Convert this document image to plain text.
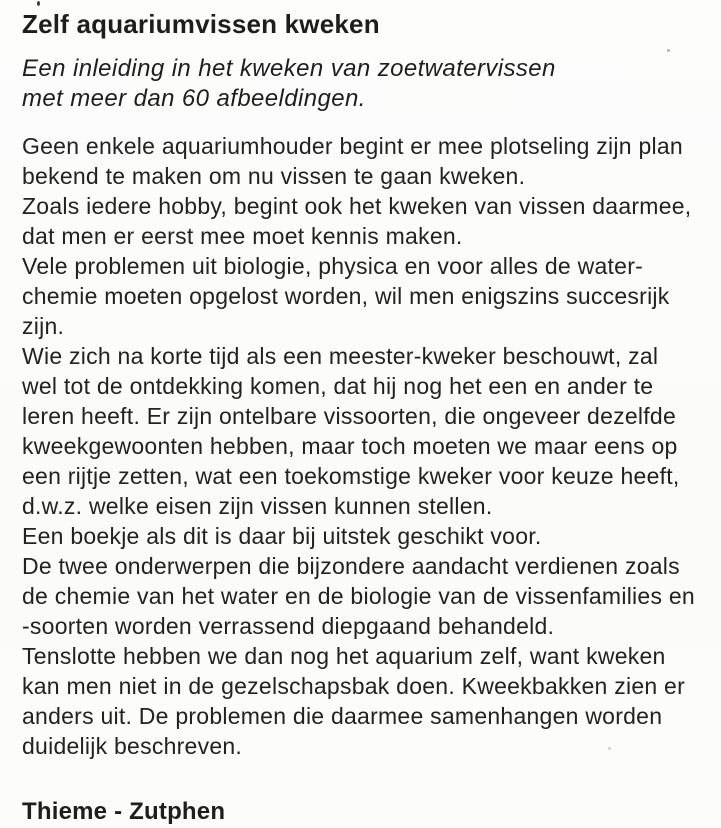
Zelf aquariumvissen kweken
Een inleiding in het kweken van zoetwatervissen
met meer dan 60 afbeeldingen.
Geen enkele aquariumhouder begint er mee plotseling zijn plan
bekend te maken om nu vissen te gaan kweken.
Zoals iedere hobby, begint ook het kweken van vissen daarmee,
dat men er eerst mee moet kennis maken.
Vele problemen uit biologie, physica en voor alles de water-
chemie moeten opgelost worden, wil men enigszins succesrijk
zijn.
Wie zich na korte tijd als een meester-kweker beschouwt, zal
wel tot de ontdekking komen, dat hij nog het een en ander te
leren heeft. Er zijn ontelbare vissoorten, die ongeveer dezelfde
kweekgewoonten hebben, maar toch moeten we maar eens op
een rijtje zetten, wat een toekomstige kweker voor keuze heeft,
d.w.z. welke eisen zijn vissen kunnen stellen.
Een boekje als dit is daar bij uitstek geschikt voor.
De twee onderwerpen die bijzondere aandacht verdienen zoals
de chemie van het water en de biologie van de vissenfamilies en
-soorten worden verrassend diepgaand behandeld.
Tenslotte hebben we dan nog het aquarium zelf, want kweken
kan men niet in de gezelschapsbak doen. Kweekbakken zien er
anders uit. De problemen die daarmee samenhangen worden
duidelijk beschreven.
Thieme - Zutphen
